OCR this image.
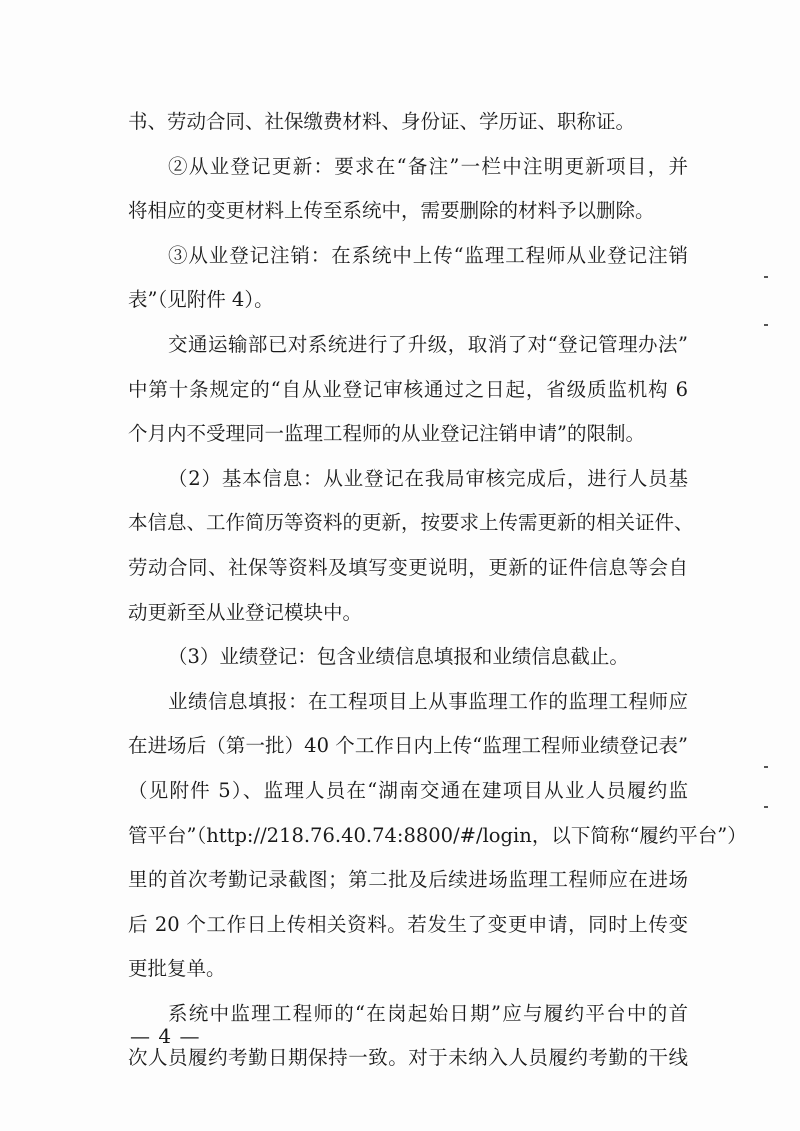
书、劳动合同、社保缴费材料、身份证、学历证、职称证。
②从业登记更新：要求在“备注”一栏中注明更新项目，并
将相应的变更材料上传至系统中，需要删除的材料予以删除。
③从业登记注销：在系统中上传“监理工程师从业登记注销
表”（见附件 4）。
交通运输部已对系统进行了升级，取消了对“登记管理办法”
中第十条规定的“自从业登记审核通过之日起，省级质监机构 6
个月内不受理同一监理工程师的从业登记注销申请”的限制。
（2）基本信息：从业登记在我局审核完成后，进行人员基
本信息、工作简历等资料的更新，按要求上传需更新的相关证件、
劳动合同、社保等资料及填写变更说明，更新的证件信息等会自
动更新至从业登记模块中。
（3）业绩登记：包含业绩信息填报和业绩信息截止。
业绩信息填报：在工程项目上从事监理工作的监理工程师应
在进场后（第一批）40 个工作日内上传“监理工程师业绩登记表”
（见附件 5）、监理人员在“湖南交通在建项目从业人员履约监
管平台”（http://218.76.40.74:8800/#/login，以下简称“履约平台”）
里的首次考勤记录截图；第二批及后续进场监理工程师应在进场
后 20 个工作日上传相关资料。若发生了变更申请，同时上传变
更批复单。
系统中监理工程师的“在岗起始日期”应与履约平台中的首
次人员履约考勤日期保持一致。对于未纳入人员履约考勤的干线
— 4 —
